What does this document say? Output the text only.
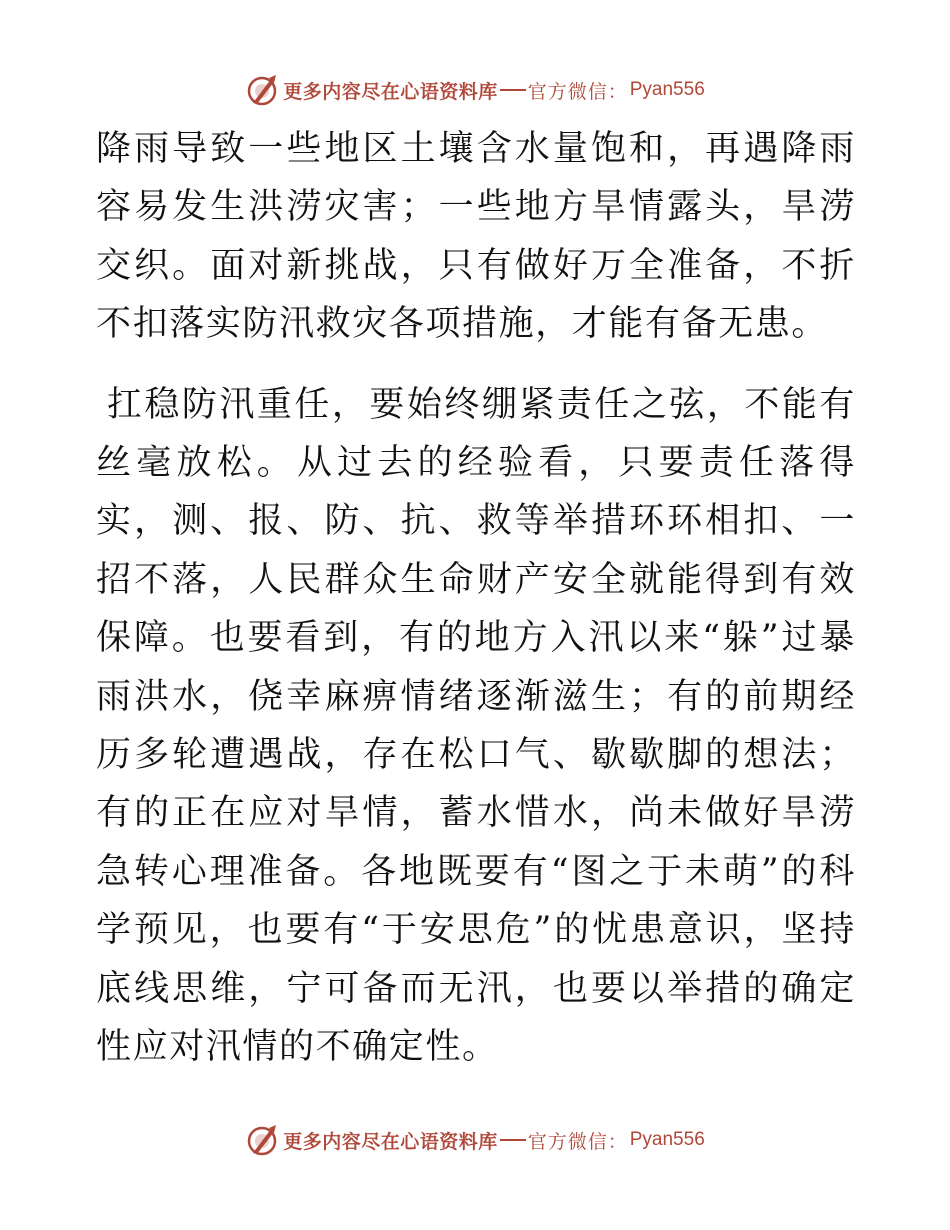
更多内容尽在心语资料库 官方微信： Pyan556

降雨导致一些地区土壤含水量饱和，再遇降雨容易发生洪涝灾害；一些地方旱情露头，旱涝交织。面对新挑战，只有做好万全准备，不折不扣落实防汛救灾各项措施，才能有备无患。

扛稳防汛重任，要始终绷紧责任之弦，不能有丝毫放松。从过去的经验看，只要责任落得实，测、报、防、抗、救等举措环环相扣、一招不落，人民群众生命财产安全就能得到有效保障。也要看到，有的地方入汛以来“躲”过暴雨洪水，侥幸麻痹情绪逐渐滋生；有的前期经历多轮遭遇战，存在松口气、歇歇脚的想法；有的正在应对旱情，蓄水惜水，尚未做好旱涝急转心理准备。各地既要有“图之于未萌”的科学预见，也要有“于安思危”的忧患意识，坚持底线思维，宁可备而无汛，也要以举措的确定性应对汛情的不确定性。

更多内容尽在心语资料库 官方微信： Pyan556
